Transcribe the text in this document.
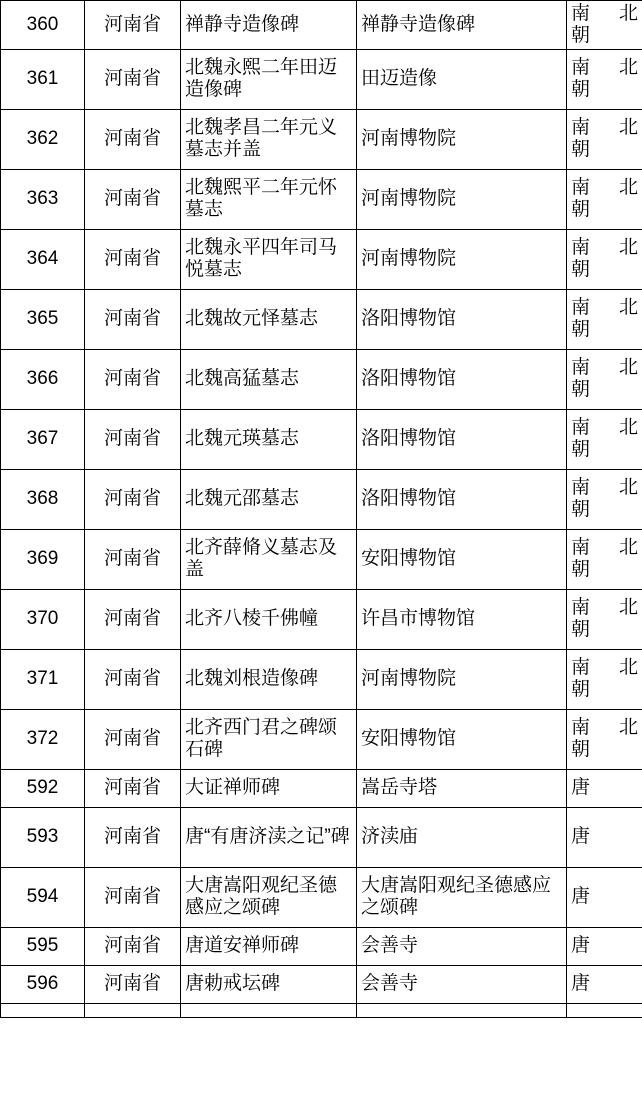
360	河南省	禅静寺造像碑	禅静寺造像碑	南 北
朝

361	河南省	北魏永熙二年田迈造像碑	田迈造像	南 北
朝

362	河南省	北魏孝昌二年元义墓志并盖	河南博物院	南 北
朝

363	河南省	北魏熙平二年元怀墓志	河南博物院	南 北
朝

364	河南省	北魏永平四年司马悦墓志	河南博物院	南 北
朝

365	河南省	北魏故元怿墓志	洛阳博物馆	南 北
朝

366	河南省	北魏高猛墓志	洛阳博物馆	南 北
朝

367	河南省	北魏元瑛墓志	洛阳博物馆	南 北
朝

368	河南省	北魏元邵墓志	洛阳博物馆	南 北
朝

369	河南省	北齐薛脩义墓志及盖	安阳博物馆	南 北
朝

370	河南省	北齐八棱千佛幢	许昌市博物馆	南 北
朝

371	河南省	北魏刘根造像碑	河南博物院	南 北
朝

372	河南省	北齐西门君之碑颂石碑	安阳博物馆	南 北
朝

592	河南省	大证禅师碑	嵩岳寺塔	唐
593	河南省	唐“有唐济渎之记”碑	济渎庙	唐
594	河南省	大唐嵩阳观纪圣德感应之颂碑	大唐嵩阳观纪圣德感应之颂碑	唐
595	河南省	唐道安禅师碑	会善寺	唐
596	河南省	唐勅戒坛碑	会善寺	唐
